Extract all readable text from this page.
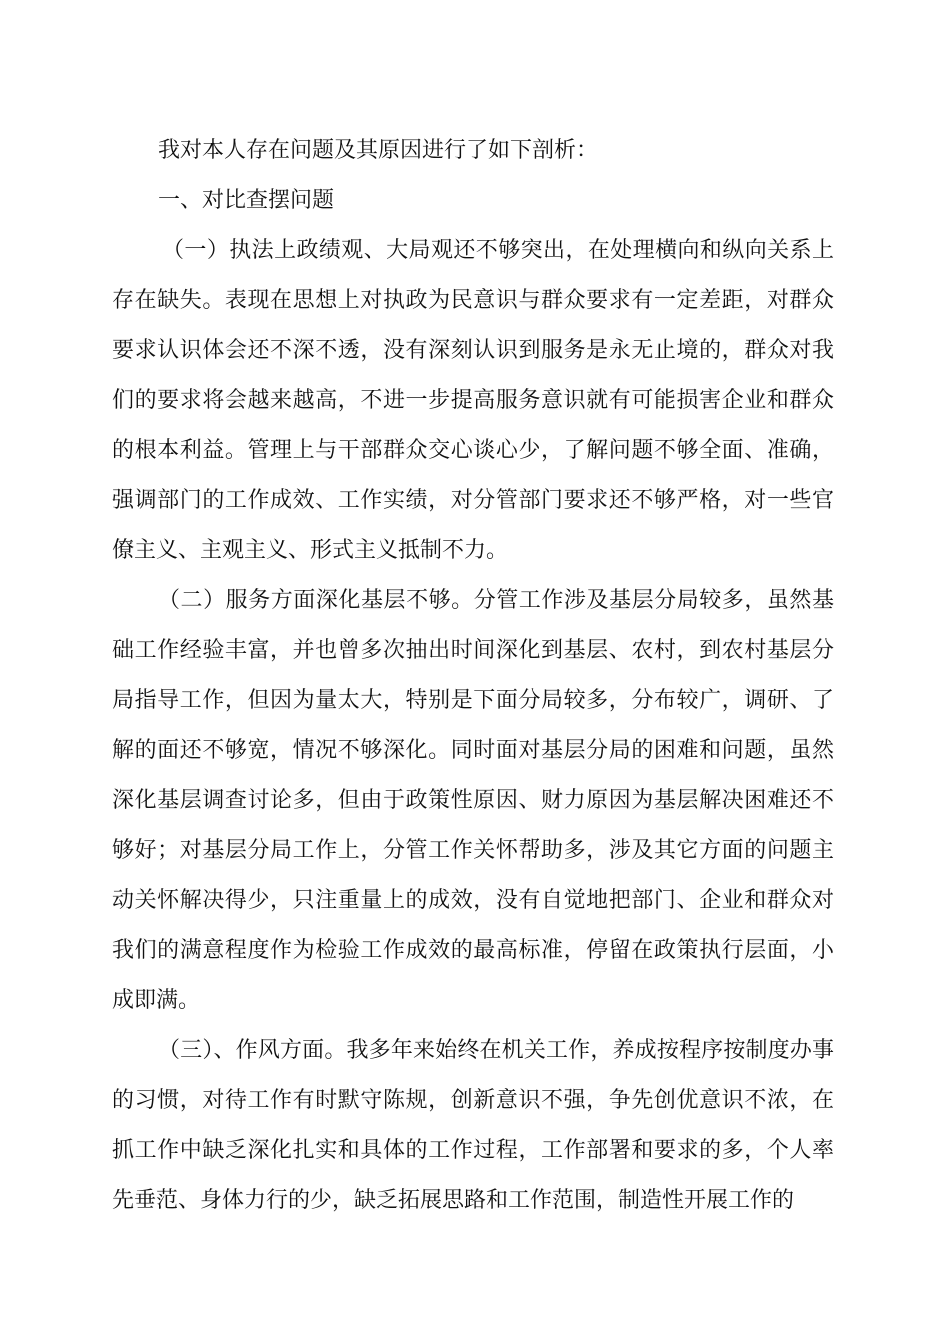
我对本人存在问题及其原因进行了如下剖析：

一、对比查摆问题

（一）执法上政绩观、大局观还不够突出，在处理横向和纵向关系上存在缺失。表现在思想上对执政为民意识与群众要求有一定差距，对群众要求认识体会还不深不透，没有深刻认识到服务是永无止境的，群众对我们的要求将会越来越高，不进一步提高服务意识就有可能损害企业和群众的根本利益。管理上与干部群众交心谈心少，了解问题不够全面、准确，强调部门的工作成效、工作实绩，对分管部门要求还不够严格，对一些官僚主义、主观主义、形式主义抵制不力。

（二）服务方面深化基层不够。分管工作涉及基层分局较多，虽然基础工作经验丰富，并也曾多次抽出时间深化到基层、农村，到农村基层分局指导工作，但因为量太大，特别是下面分局较多，分布较广，调研、了解的面还不够宽，情况不够深化。同时面对基层分局的困难和问题，虽然深化基层调查讨论多，但由于政策性原因、财力原因为基层解决困难还不够好；对基层分局工作上，分管工作关怀帮助多，涉及其它方面的问题主动关怀解决得少，只注重量上的成效，没有自觉地把部门、企业和群众对我们的满意程度作为检验工作成效的最高标准，停留在政策执行层面，小成即满。

（三）、作风方面。我多年来始终在机关工作，养成按程序按制度办事的习惯，对待工作有时默守陈规，创新意识不强，争先创优意识不浓，在抓工作中缺乏深化扎实和具体的工作过程，工作部署和要求的多，个人率先垂范、身体力行的少，缺乏拓展思路和工作范围，制造性开展工作的
